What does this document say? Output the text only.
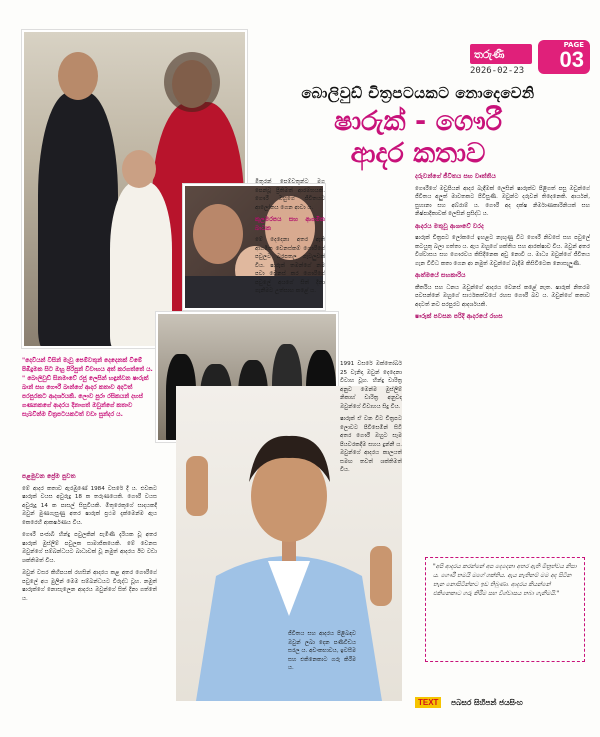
තරුණී
2026-02-23
PAGE
03
බොලිවුඩ් චිත්‍රපටයකට නොදෙවෙනි
ෂාරුක් - ගෞරී
ආදර කතාව
"දෙවියන් විසින් මැවූ පෙම්වතුන් දෙදෙනක් වීමේ පිඹිදුමක සිට ඔහු පිරිපුන් විවාහය අත් කරගත්තේ ය. " බොලිවුඩ් සිනමාවේ රජු ලෙසින් හඳුන්වන ෂාරුක් ඛාන් සහ ගෞරී ඛාන්ගේ ආදර කතාව අදටත් පරපුරකට ආදර්ශයකි. ලොව පුරා රසිකයන් දහස් ගණනකගේ ආදරය දිනාගත් ඔවුන්ගේ කතාව සැබවින්ම චිත්‍රපටයකටත් වඩා සුන්දර ය.
පළමුවන ප්‍රේම පුවත

මේ ආදර කතාව ඇරඹුණේ 1984 වසරේ දී ය. එවකට ෂාරුක් වයස අවුරුදු 18 ක තරුණයෙකි. ගෞරී වයස අවුරුදු 14 ක පාසල් සිසුවියකි. මිතුරෙකුගේ සාදයකදී ඔවුන් මුණගැසුණු අතර ෂාරුක් ප්‍රථම දැක්මෙන්ම ඇය කෙරෙහි ආකර්ෂණය විය.

ගෞරී පංජාබි හින්දු පවුලකින් පැමිණි දැරියක වූ අතර ෂාරුක් මුස්ලිම් පවුලක සාමාජිකයෙකි. මේ වෙනස ඔවුන්ගේ සම්බන්ධයට බාධාවක් වූ නමුත් ආදරය ඊට වඩා ශක්තිමත් විය.

ඔවුන් වසර කිහිපයක් රහසින් ආදරය කළ අතර ගෞරීගේ පවුලේ අය මුලින් මෙම සම්බන්ධයට විරුද්ධ වූහ. නමුත් ෂාරුක්ගේ නොසැලෙන ආදරය ඔවුන්ගේ සිත් දිනා ගත්තේ ය.

මිතුරන් පෙම්වතුන්ට මග පෙන්වූ ප්‍රීතිමත් ආරම්භයකි. ගෞරී ඔහුගේ ජීවිතයට ආලෝකය ගෙන ආවා ය.

කුලමරපය සහ ආගමික බාධක

මේ දෙදෙනා අතර ඇති ආගමික වෙනස්කම් ගෞරීගේ පවුලට බරපතල ගැටලුවක් විය. ෂාරුක් තමන්ගේ නම පවා වෙනස් කර ගෞරීගේ පවුලේ අයගේ සිත් දිනා ගැනීමට උත්සාහ කළේ ය.

1991 වසරේ ඔක්තෝබර් 25 වැනිදා ඔවුන් දෙදෙනා විවාහ වූහ. හින්දු චාරිත්‍ර අනුව මෙන්ම මුස්ලිම් නිකාහ් චාරිත්‍ර අනුවද ඔවුන්ගේ විවාහය සිදු විය.

ෂාරුක් ඒ වන විට චිත්‍රපට ලොවට පිවිසෙමින් සිටි අතර ගෞරී ඔහුට සෑම පියවරකදීම සහය දුන්නී ය. ඔවුන්ගේ ආදරය කාලයත් සමඟ තවත් ශක්තිමත් විය.

දරුවන්ගේ ජීවිතය සහ වෘත්තිය

ගෞරීගේ මවුපියන් ආදර බැඳීමක් ලෙසින් ෂාරුක්ව පිළිගත් පසු ඔවුන්ගේ ජීවිතය අලුත් මාවතකට පිවිසුණි. ඔවුන්ට දරුවන් තිදෙනෙකි. ආර්යන්, සුහානා සහ අබ්රාම් ය. ගෞරී අද දක්ෂ නිර්මාණකාරිනියක් සහ නිෂ්පාදිකාවක් ලෙසින් ප්‍රසිද්ධ ය.

ආදරය මතුවූ ආශාවේ වරද

ෂාරුක් චිත්‍රපට ලෝකයේ ඉහළට නැඟුණු විට ගෞරී නිවසේ සහ පවුලේ කටයුතු බලා ගත්තා ය. ඇය ඔහුගේ ශක්තිය සහ ආරක්ෂාව විය. ඔවුන් අතර විශ්වාසය සහ ගෞරවය කිසිදිනෙක අඩු නොවී ය. මාධ්‍ය ඔවුන්ගේ ජීවිතය ගැන විවිධ කතා ගෙන ආ නමුත් ඔවුන්ගේ බැඳීම කිසිවිටෙක නොසැලුණි.

ආත්මයේ සහකාරිය

කීර්තිය සහ ධනය ඔවුන්ගේ ආදරය වෙනස් කළේ නැත. ෂාරුක් නිතරම පවසන්නේ ඔහුගේ සාර්ථකත්වයේ රහස ගෞරී බව ය. ඔවුන්ගේ කතාව අදටත් නව පරපුරට ආදර්ශයකි.

ෂාරුක් පවසන පරිදි ආදරයේ රහස

ජීවිතය සහ ආදරය පිළිබඳව ඔවුන් ලබා දෙන පණිවිඩය සරල ය. අවංකභාවය, ඉවසීම සහ එකිනෙකාට ගරු කිරීම ය.

"අපි ආදරය කරන්නේ අප දෙදෙනා අතර ඇති මිත්‍රත්වය නිසා ය. ගෞරී තමයි මගේ ශක්තිය. ඇය නැතිනම් මම අද සිටින තැන නොසිටින්නට ඉඩ තිබුණා. ආදරය කියන්නේ එකිනෙකාට ගරු කිරීම සහ විශ්වාසය තබා ගැනීමයි."
TEXT	පබසර සිහිපන් ජයසිංහ
